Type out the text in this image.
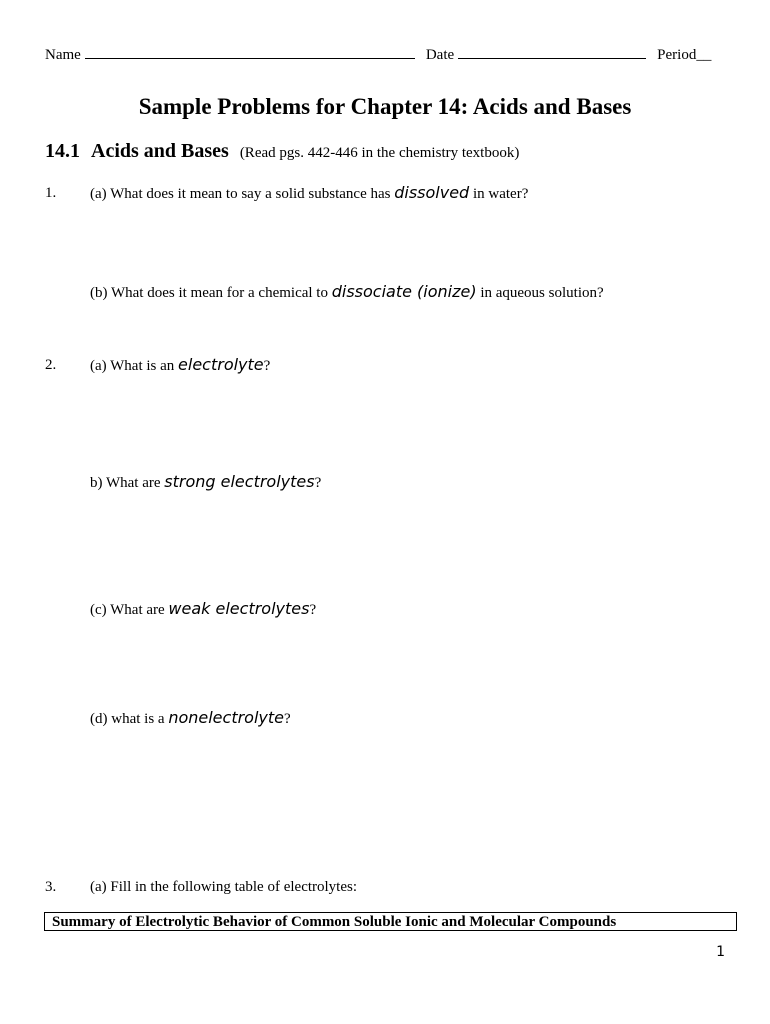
Name	Date	Period__
Sample Problems for Chapter 14: Acids and Bases
14.1 Acids and Bases (Read pgs. 442-446 in the chemistry textbook)
1. (a) What does it mean to say a solid substance has dissolved in water?
(b) What does it mean for a chemical to dissociate (ionize) in aqueous solution?
2. (a) What is an electrolyte?
b) What are strong electrolytes?
(c) What are weak electrolytes?
(d) what is a nonelectrolyte?
3. (a) Fill in the following table of electrolytes:
Summary of Electrolytic Behavior of Common Soluble Ionic and Molecular Compounds
1
